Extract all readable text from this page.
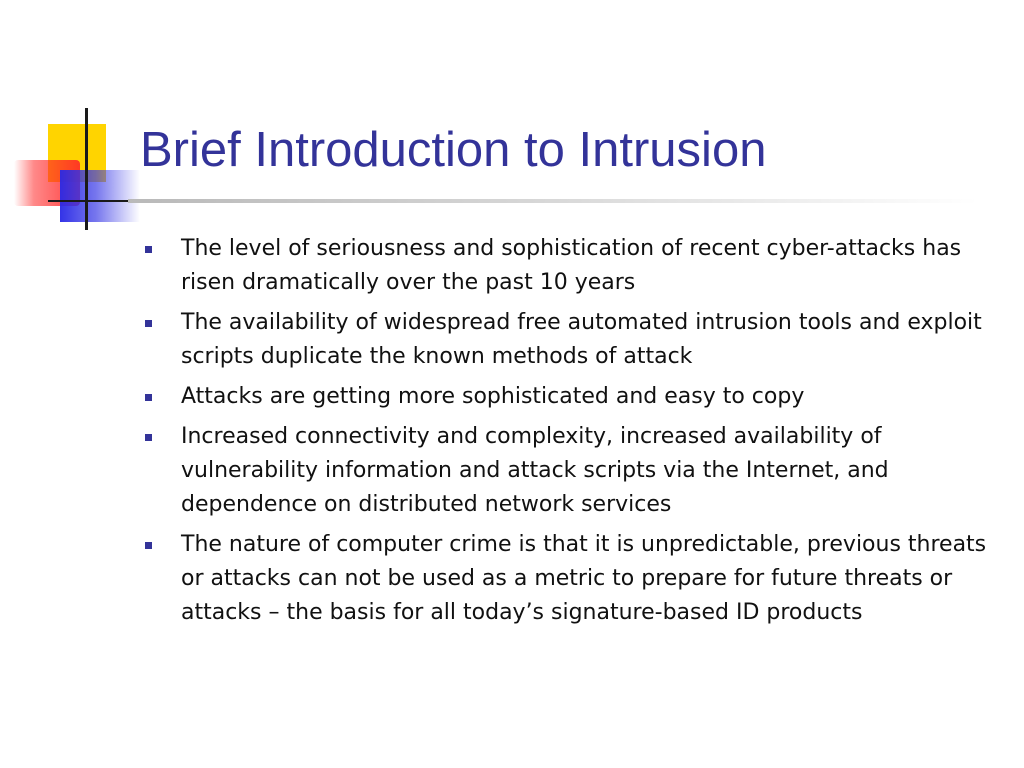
Brief Introduction to Intrusion
The level of seriousness and sophistication of recent cyber-attacks has risen dramatically over the past 10 years
The availability of widespread free automated intrusion tools and exploit scripts duplicate the known methods of attack
Attacks are getting more sophisticated and easy to copy
Increased connectivity and complexity, increased availability of vulnerability information and attack scripts via the Internet, and dependence on distributed network services
The nature of computer crime is that it is unpredictable, previous threats or attacks can not be used as a metric to prepare for future threats or attacks – the basis for all today’s signature-based ID products
